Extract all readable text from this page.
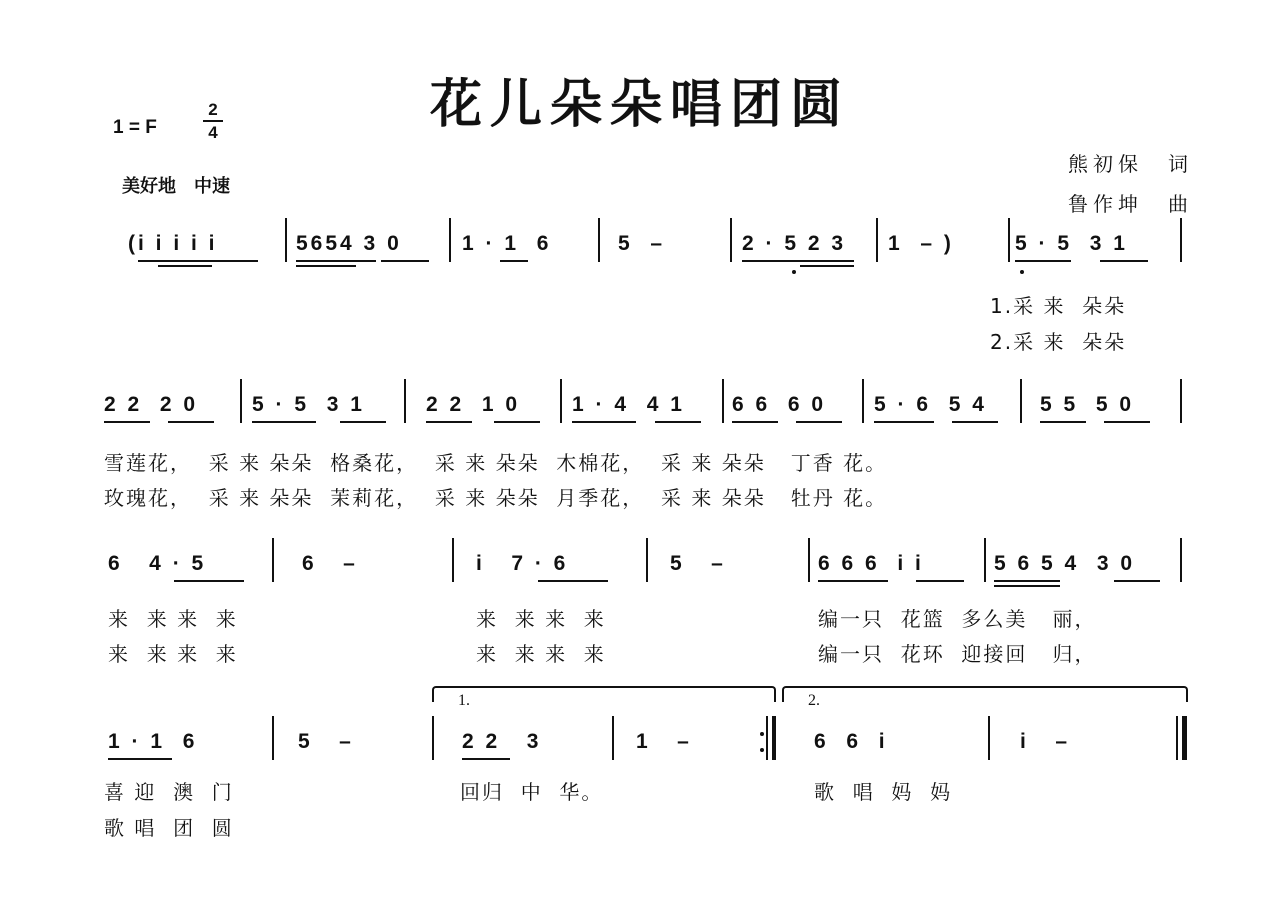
花儿朵朵唱团圆
1 = F
2
4
美好地　中速
熊初保　词
鲁作坤　曲
(i i i i i	5654 3 0	1 · 1  6	5  –	2 · 5 2 3 1  – )	5 · 5  3 1
1.采 来  朵朵
2.采 来  朵朵
2 2  2 0	5 · 5  3 1	2 2  1 0 1 · 4  4 1 6 6  6 0 5 · 6  5 4	5 5  5 0
雪莲花，  采 来 朵朵  格桑花，  采 来 朵朵  木棉花，  采 来 朵朵   丁香 花。
玫瑰花，  采 来 朵朵  茉莉花，  采 来 朵朵  月季花，  采 来 朵朵   牡丹 花。
6   4 · 5	6   –	i   7 · 6	5   –	6 6 6  i i	5 6 5 4  3 0
来  来 来  来	来  来 来  来	编一只  花篮  多么美   丽，
来  来 来  来	来  来 来  来	编一只  花环  迎接回   归，
1.	2.
1 · 1  6	5   –	2 2   3	1   –	6  6  i	i   –
喜 迎  澳  门	回归  中  华。	歌  唱  妈  妈
歌 唱  团  圆
